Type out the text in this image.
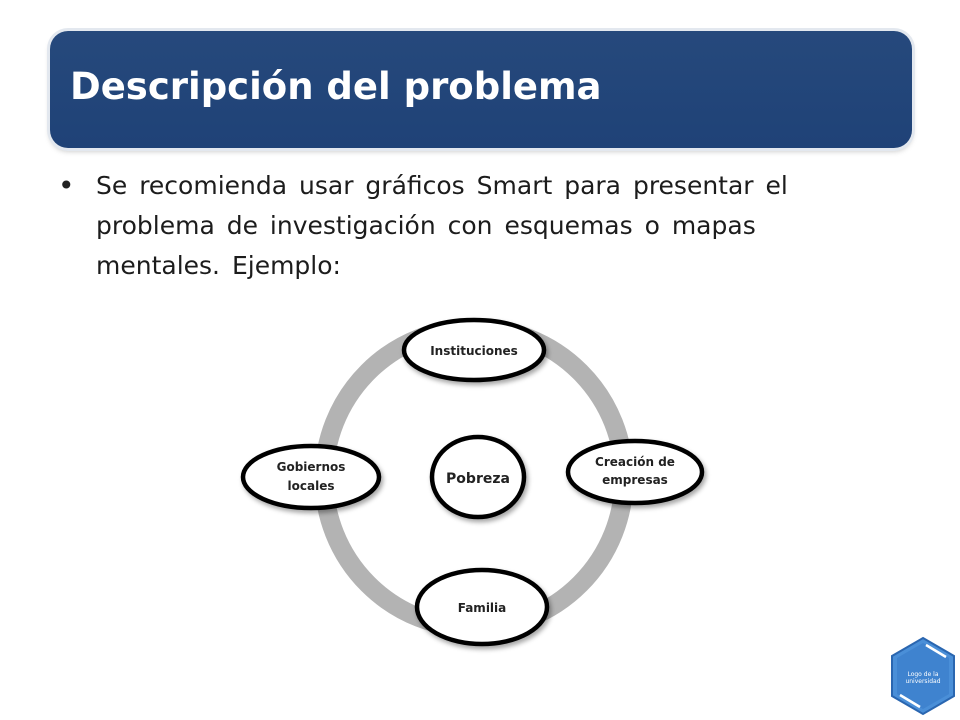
Descripción del problema
• Se recomienda usar gráficos Smart para presentar el problema de investigación con esquemas o mapas mentales. Ejemplo:
Pobreza
Instituciones
Creación de
empresas
Familia
Gobiernos
locales
Logo de la
universidad
